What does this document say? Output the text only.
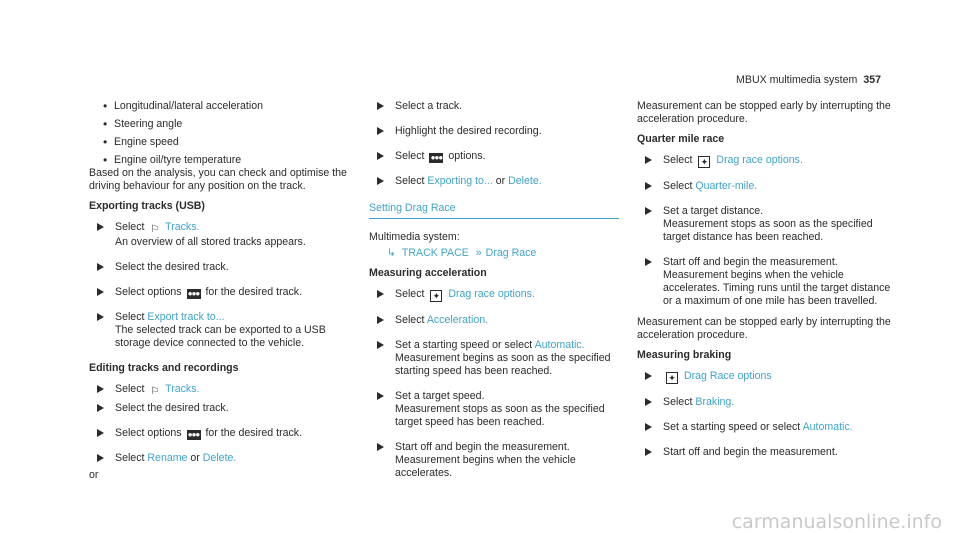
MBUX multimedia system 357
• Longitudinal/lateral acceleration
• Steering angle
• Engine speed
• Engine oil/tyre temperature

Based on the analysis, you can check and optimise the driving behaviour for any position on the track.

Exporting tracks (USB)
Select ⚐ Tracks.
An overview of all stored tracks appears.
Select the desired track.
Select options ●●● for the desired track.
Select Export track to...
The selected track can be exported to a USB storage device connected to the vehicle.
Editing tracks and recordings
Select ⚐ Tracks.
Select the desired track.
Select options ●●● for the desired track.
Select Rename or Delete.

or

Select a track.
Highlight the desired recording.
Select ●●● options.
Select Exporting to... or Delete.
Setting Drag Race

Multimedia system:

↳ TRACK PACE » Drag Race
Measuring acceleration
Select ✦ Drag race options.
Select Acceleration.
Set a starting speed or select Automatic.
Measurement begins as soon as the specified starting speed has been reached.
Set a target speed.
Measurement stops as soon as the specified target speed has been reached.
Start off and begin the measurement.
Measurement begins when the vehicle accelerates.

Measurement can be stopped early by interrupting the acceleration procedure.

Quarter mile race
Select ✦ Drag race options.
Select Quarter-mile.
Set a target distance.
Measurement stops as soon as the specified target distance has been reached.
Start off and begin the measurement.
Measurement begins when the vehicle accelerates. Timing runs until the target distance or a maximum of one mile has been travelled.

Measurement can be stopped early by interrupting the acceleration procedure.

Measuring braking
✦ Drag Race options
Select Braking.
Set a starting speed or select Automatic.
Start off and begin the measurement.
carmanualsonline.info
